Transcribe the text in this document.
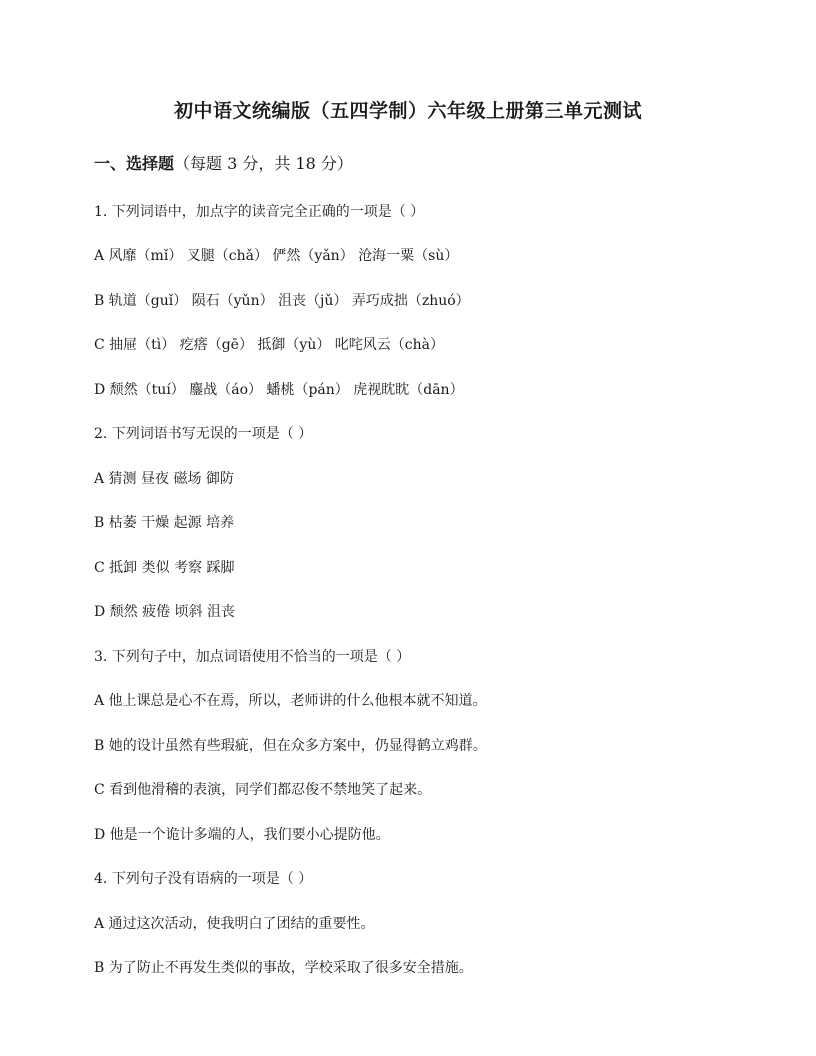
初中语文统编版（五四学制）六年级上册第三单元测试
一、选择题（每题 3 分，共 18 分）
1. 下列词语中，加点字的读音完全正确的一项是（ ）
A 风靡（mǐ） 叉腿（chǎ） 俨然（yǎn） 沧海一粟（sù）
B 轨道（guǐ） 陨石（yǔn） 沮丧（jǔ） 弄巧成拙（zhuó）
C 抽屉（tì） 疙瘩（gē） 抵御（yù） 叱咤风云（chà）
D 颓然（tuí） 鏖战（áo） 蟠桃（pán） 虎视眈眈（dān）
2. 下列词语书写无误的一项是（ ）
A 猜测 昼夜 磁场 御防
B 枯萎 干燥 起源 培养
C 抵卸 类似 考察 踩脚
D 颓然 疲倦 顷斜 沮丧
3. 下列句子中，加点词语使用不恰当的一项是（ ）
A 他上课总是心不在焉，所以，老师讲的什么他根本就不知道。
B 她的设计虽然有些瑕疵，但在众多方案中，仍显得鹤立鸡群。
C 看到他滑稽的表演，同学们都忍俊不禁地笑了起来。
D 他是一个诡计多端的人，我们要小心提防他。
4. 下列句子没有语病的一项是（ ）
A 通过这次活动，使我明白了团结的重要性。
B 为了防止不再发生类似的事故，学校采取了很多安全措施。
